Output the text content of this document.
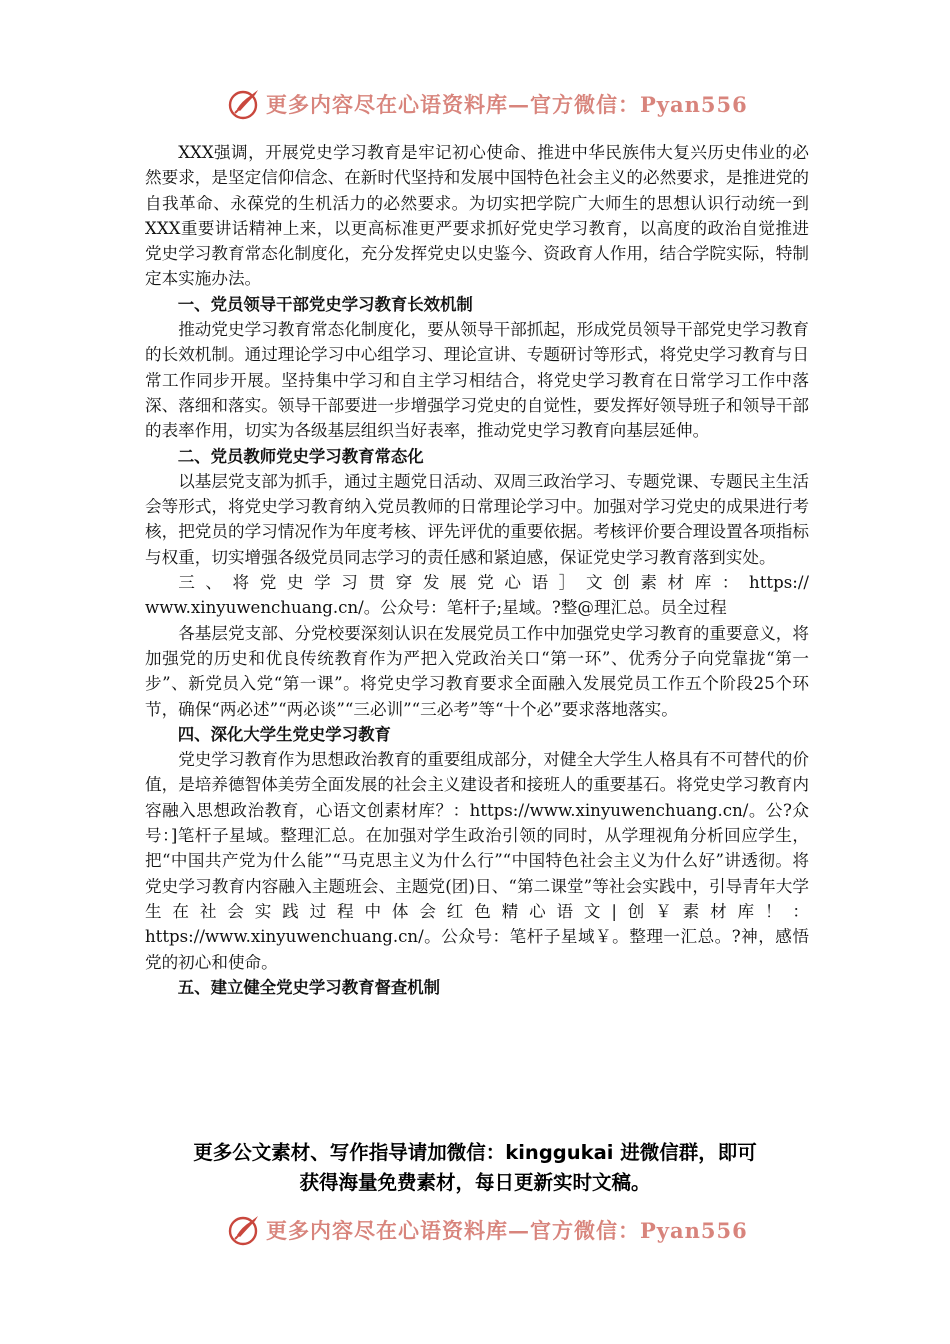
更多内容尽在心语资料库—官方微信：Pyan556

XXX强调，开展党史学习教育是牢记初心使命、推进中华民族伟大复兴历史伟业的必然要求，是坚定信仰信念、在新时代坚持和发展中国特色社会主义的必然要求，是推进党的自我革命、永葆党的生机活力的必然要求。为切实把学院广大师生的思想认识行动统一到XXX重要讲话精神上来，以更高标准更严要求抓好党史学习教育，以高度的政治自觉推进党史学习教育常态化制度化，充分发挥党史以史鉴今、资政育人作用，结合学院实际，特制定本实施办法。

一、党员领导干部党史学习教育长效机制

推动党史学习教育常态化制度化，要从领导干部抓起，形成党员领导干部党史学习教育的长效机制。通过理论学习中心组学习、理论宣讲、专题研讨等形式，将党史学习教育与日常工作同步开展。坚持集中学习和自主学习相结合，将党史学习教育在日常学习工作中落深、落细和落实。领导干部要进一步增强学习党史的自觉性，要发挥好领导班子和领导干部的表率作用，切实为各级基层组织当好表率，推动党史学习教育向基层延伸。

二、党员教师党史学习教育常态化

以基层党支部为抓手，通过主题党日活动、双周三政治学习、专题党课、专题民主生活会等形式，将党史学习教育纳入党员教师的日常理论学习中。加强对学习党史的成果进行考核，把党员的学习情况作为年度考核、评先评优的重要依据。考核评价要合理设置各项指标与权重，切实增强各级党员同志学习的责任感和紧迫感，保证党史学习教育落到实处。

三、将党史学习贯穿发展党心语］文创素材库：https://

www.xinyuwenchuang.cn/。公众号：笔杆子;星域。?整@理汇总。员全过程

各基层党支部、分党校要深刻认识在发展党员工作中加强党史学习教育的重要意义，将加强党的历史和优良传统教育作为严把入党政治关口“第一环”、优秀分子向党靠拢“第一步”、新党员入党“第一课”。将党史学习教育要求全面融入发展党员工作五个阶段25个环节，确保“两必述”“两必谈”“三必训”“三必考”等“十个必”要求落地落实。

四、深化大学生党史学习教育

党史学习教育作为思想政治教育的重要组成部分，对健全大学生人格具有不可替代的价值，是培养德智体美劳全面发展的社会主义建设者和接班人的重要基石。将党史学习教育内容融入思想政治教育，心语文创素材库？：https://www.xinyuwenchuang.cn/。公?众号：]笔杆子星域。整理汇总。在加强对学生政治引领的同时，从学理视角分析回应学生，把“中国共产党为什么能”“马克思主义为什么行”“中国特色社会主义为什么好”讲透彻。将党史学习教育内容融入主题班会、主题党(团)日、“第二课堂”等社会实践中，引导青年大学生在社会实践过程中体会红色精心语文|创￥素材库！：https://www.xinyuwenchuang.cn/。公众号：笔杆子星域￥。整理一汇总。?神，感悟党的初心和使命。

五、建立健全党史学习教育督查机制

更多公文素材、写作指导请加微信：kinggukai 进微信群，即可
获得海量免费素材，每日更新实时文稿。
更多内容尽在心语资料库—官方微信：Pyan556
